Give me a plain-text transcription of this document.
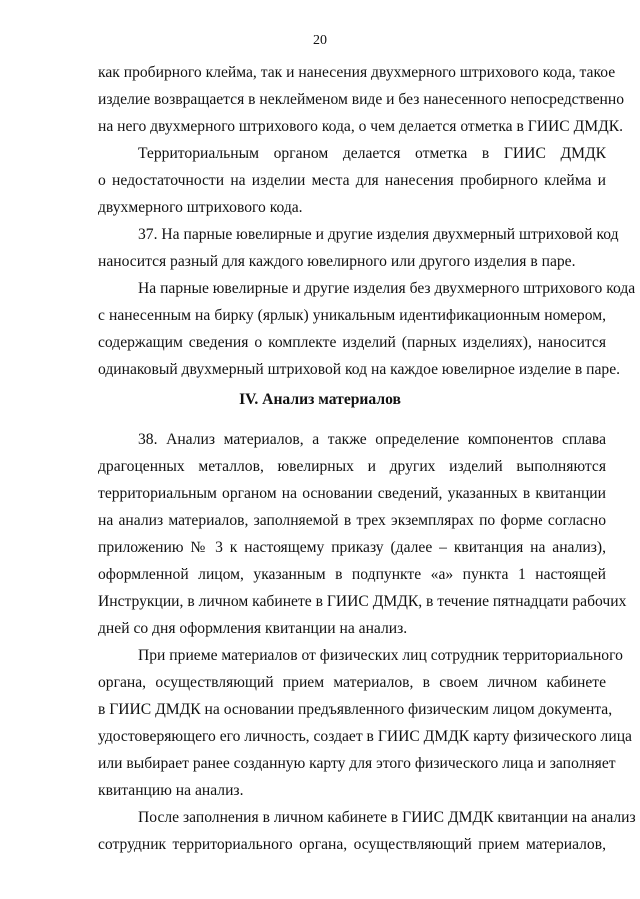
20
как пробирного клейма, так и нанесения двухмерного штрихового кода, такое
изделие возвращается в неклейменом виде и без нанесенного непосредственно
на него двухмерного штрихового кода, о чем делается отметка в ГИИС ДМДК.
Территориальным органом делается отметка в ГИИС ДМДК
о недостаточности на изделии места для нанесения пробирного клейма и
двухмерного штрихового кода.
37. На парные ювелирные и другие изделия двухмерный штриховой код
наносится разный для каждого ювелирного или другого изделия в паре.
На парные ювелирные и другие изделия без двухмерного штрихового кода
с нанесенным на бирку (ярлык) уникальным идентификационным номером,
содержащим сведения о комплекте изделий (парных изделиях), наносится
одинаковый двухмерный штриховой код на каждое ювелирное изделие в паре.
IV. Анализ материалов
38. Анализ материалов, а также определение компонентов сплава
драгоценных металлов, ювелирных и других изделий выполняются
территориальным органом на основании сведений, указанных в квитанции
на анализ материалов, заполняемой в трех экземплярах по форме согласно
приложению № 3 к настоящему приказу (далее – квитанция на анализ),
оформленной лицом, указанным в подпункте «а» пункта 1 настоящей
Инструкции, в личном кабинете в ГИИС ДМДК, в течение пятнадцати рабочих
дней со дня оформления квитанции на анализ.
При приеме материалов от физических лиц сотрудник территориального
органа, осуществляющий прием материалов, в своем личном кабинете
в ГИИС ДМДК на основании предъявленного физическим лицом документа,
удостоверяющего его личность, создает в ГИИС ДМДК карту физического лица
или выбирает ранее созданную карту для этого физического лица и заполняет
квитанцию на анализ.
После заполнения в личном кабинете в ГИИС ДМДК квитанции на анализ
сотрудник территориального органа, осуществляющий прием материалов,
